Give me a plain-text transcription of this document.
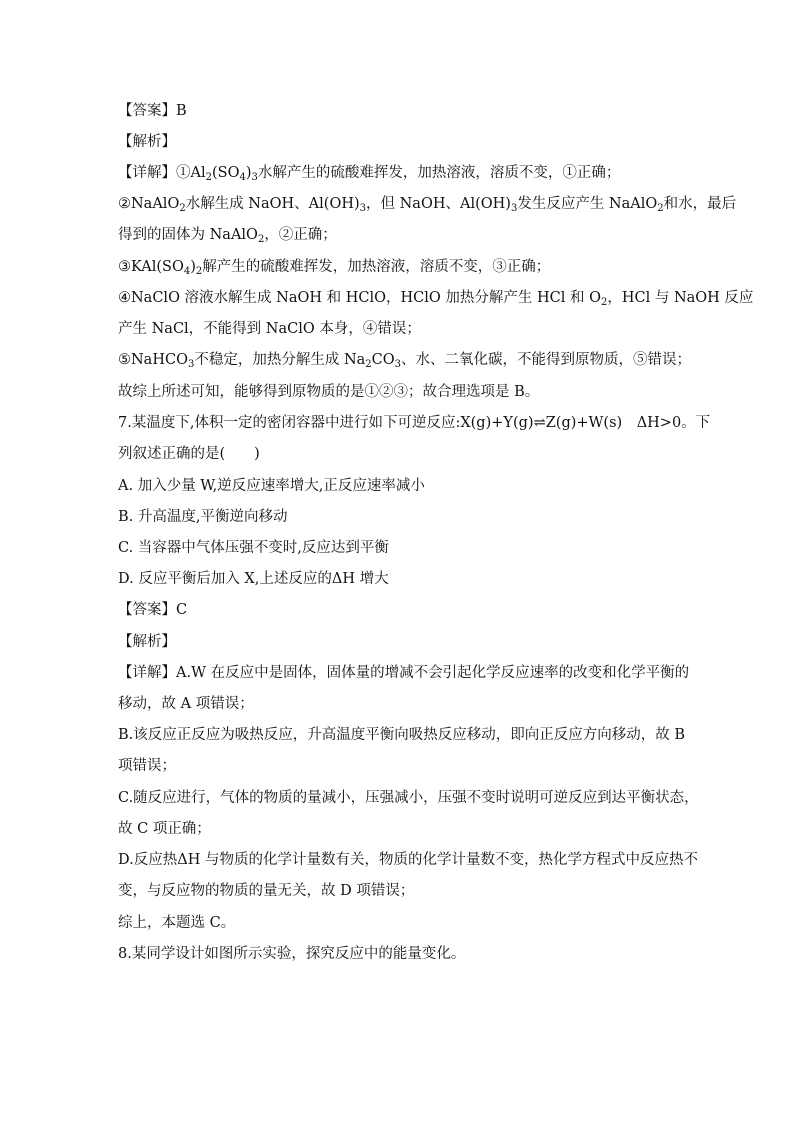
【答案】B
【解析】
【详解】$①Al_2(SO_4)_3$水解产生的硫酸难挥发，加热溶液，溶质不变，①正确；
②NaAlO$_2$水解生成 NaOH、$Al(OH)_3$，但 NaOH、$Al(OH)_3$发生反应产生 NaAlO$_2$和水，最后
得到的固体为 NaAlO$_2$，②正确；
$③KAl(SO_4)_2$解产生的硫酸难挥发，加热溶液，溶质不变，③正确；
④NaClO 溶液水解生成 NaOH 和 HClO，HClO 加热分解产生 HCl 和 $O_2$，HCl 与 NaOH 反应
产生 NaCl，不能得到 NaClO 本身，④错误；
⑤NaHCO$_3$不稳定，加热分解生成 $Na_2CO_3$、水、二氧化碳，不能得到原物质，⑤错误；
故综上所述可知，能够得到原物质的是①②③；故合理选项是 B。
7.某温度下,体积一定的密闭容器中进行如下可逆反应:X(g)+Y(g)⇌Z(g)+W(s)　ΔH>0。下
列叙述正确的是(　　)
A. 加入少量 W,逆反应速率增大,正反应速率减小
B. 升高温度,平衡逆向移动
C. 当容器中气体压强不变时,反应达到平衡
D. 反应平衡后加入 X,上述反应的ΔH 增大
【答案】C
【解析】
【详解】A.W 在反应中是固体，固体量的增减不会引起化学反应速率的改变和化学平衡的
移动，故 A 项错误；
B.该反应正反应为吸热反应，升高温度平衡向吸热反应移动，即向正反应方向移动，故 B
项错误；
C.随反应进行，气体的物质的量减小，压强减小，压强不变时说明可逆反应到达平衡状态，
故 C 项正确；
D.反应热ΔH 与物质的化学计量数有关，物质的化学计量数不变，热化学方程式中反应热不
变，与反应物的物质的量无关，故 D 项错误；
综上，本题选 C。
8.某同学设计如图所示实验，探究反应中的能量变化。
